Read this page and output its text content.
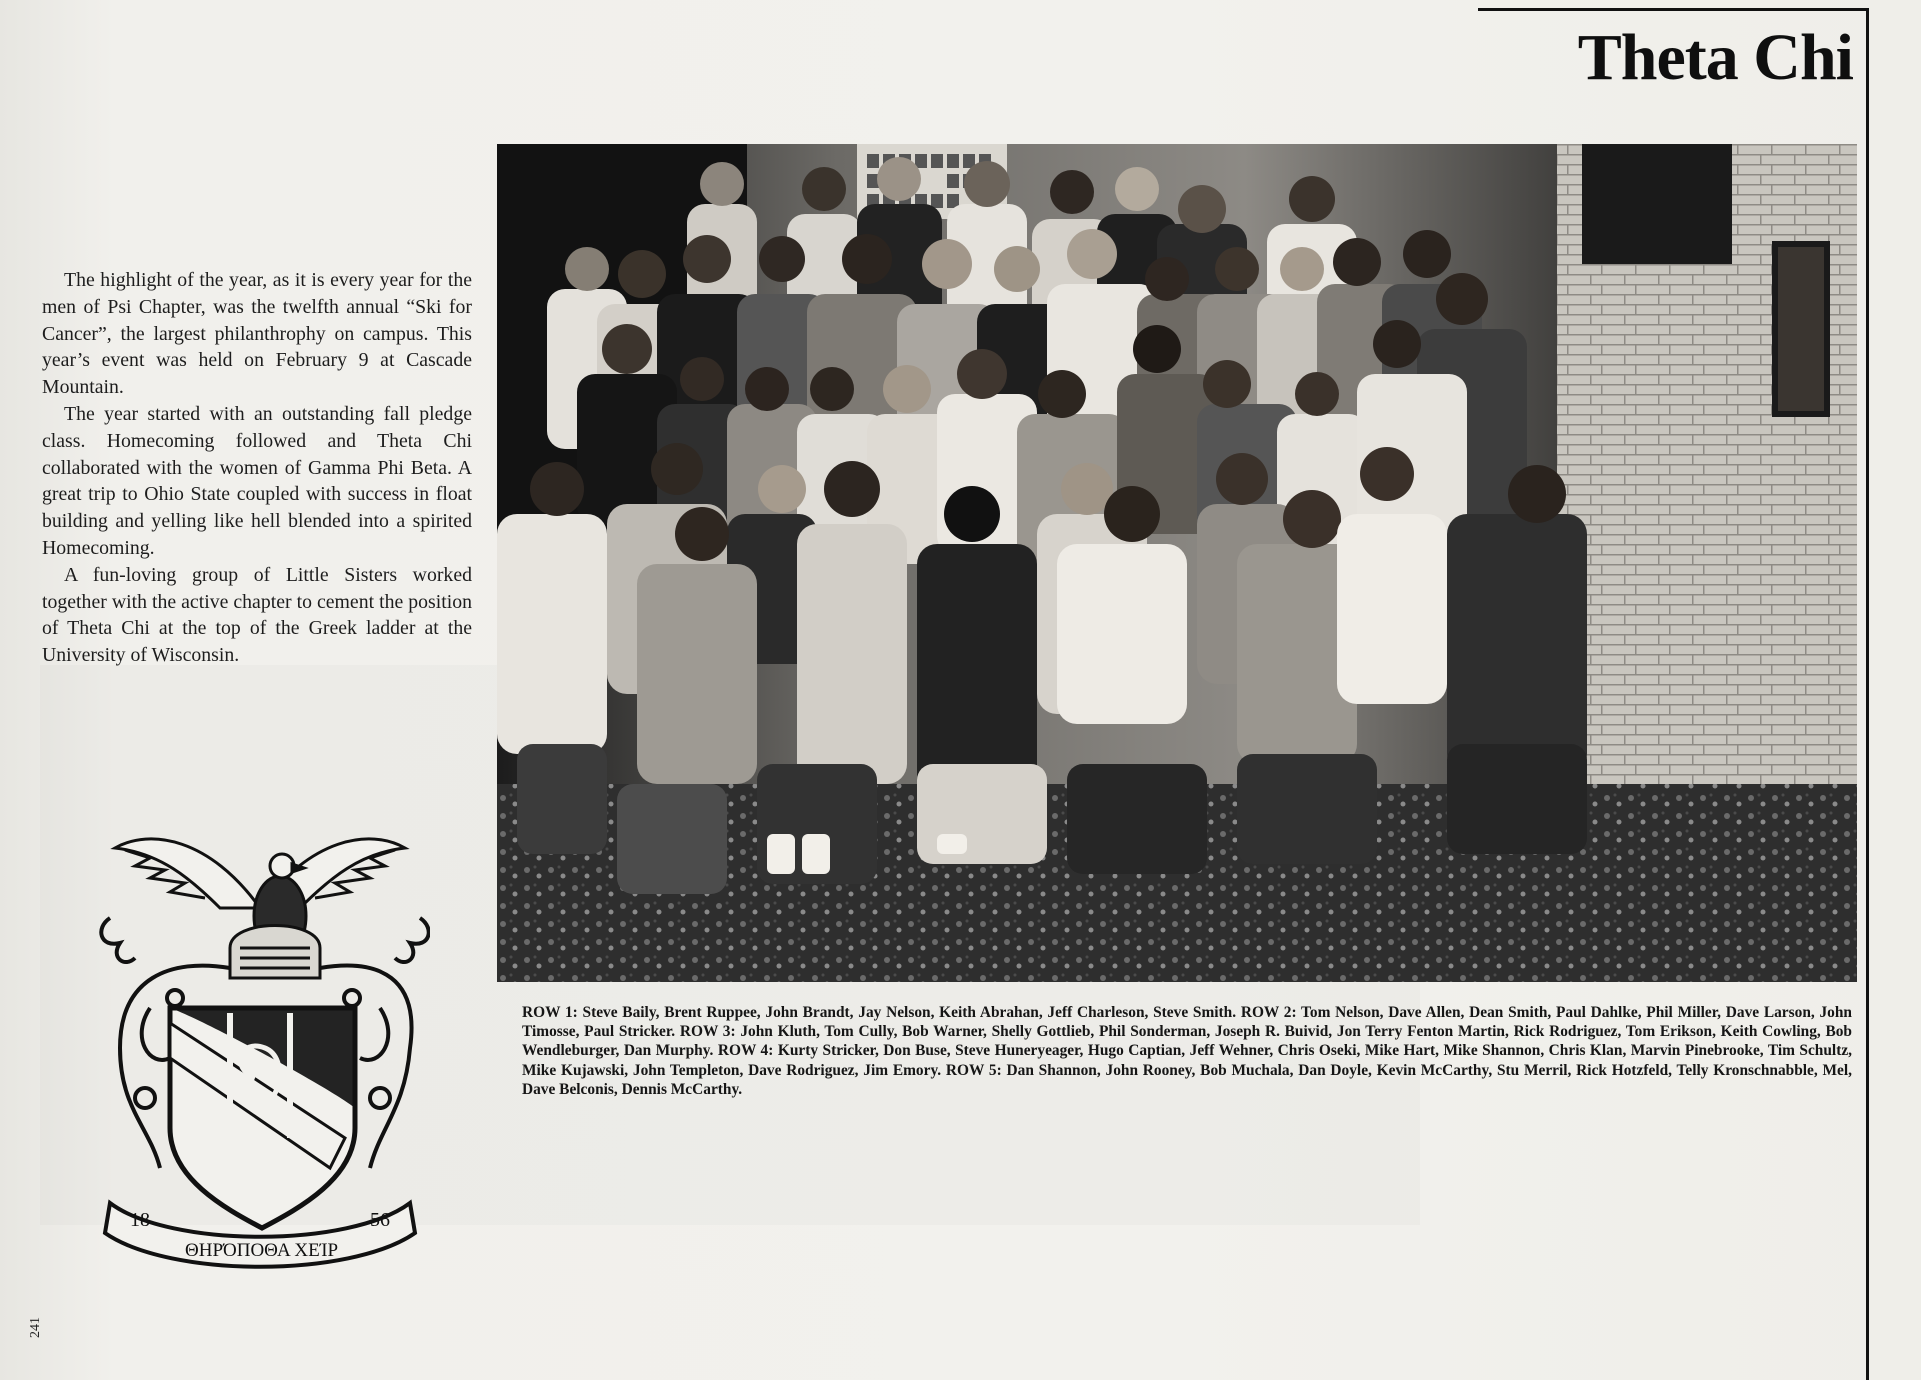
Theta Chi

The highlight of the year, as it is every year for the men of Psi Chapter, was the twelfth annual “Ski for Cancer”, the largest philanthrophy on campus. This year’s event was held on February 9 at Cascade Mountain.

The year started with an outstanding fall pledge class. Homecoming followed and Theta Chi collaborated with the women of Gamma Phi Beta. A great trip to Ohio State coupled with success in float building and yelling like hell blended into a spirited Homecoming.

A fun-loving group of Little Sisters worked together with the active chapter to cement the position of Theta Chi at the top of the Greek ladder at the University of Wisconsin.

ROW 1: Steve Baily, Brent Ruppee, John Brandt, Jay Nelson, Keith Abrahan, Jeff Charleson, Steve Smith. ROW 2: Tom Nelson, Dave Allen, Dean Smith, Paul Dahlke, Phil Miller, Dave Larson, John Timosse, Paul Stricker. ROW 3: John Kluth, Tom Cully, Bob Warner, Shelly Gottlieb, Phil Sonderman, Joseph R. Buivid, Jon Terry Fenton Martin, Rick Rodriguez, Tom Erikson, Keith Cowling, Bob Wendleburger, Dan Murphy. ROW 4: Kurty Stricker, Don Buse, Steve Huneryeager, Hugo Captian, Jeff Wehner, Chris Oseki, Mike Hart, Mike Shannon, Chris Klan, Marvin Pinebrooke, Tim Schultz, Mike Kujawski, John Templeton, Dave Rodriguez, Jim Emory. ROW 5: Dan Shannon, John Rooney, Bob Muchala, Dan Doyle, Kevin McCarthy, Stu Merril, Rick Hotzfeld, Telly Kronschnabble, Mel, Dave Belconis, Dennis McCarthy.
18	56
ΘΗΡΌΠΟΘΑ ΧΕΊΡ
241
